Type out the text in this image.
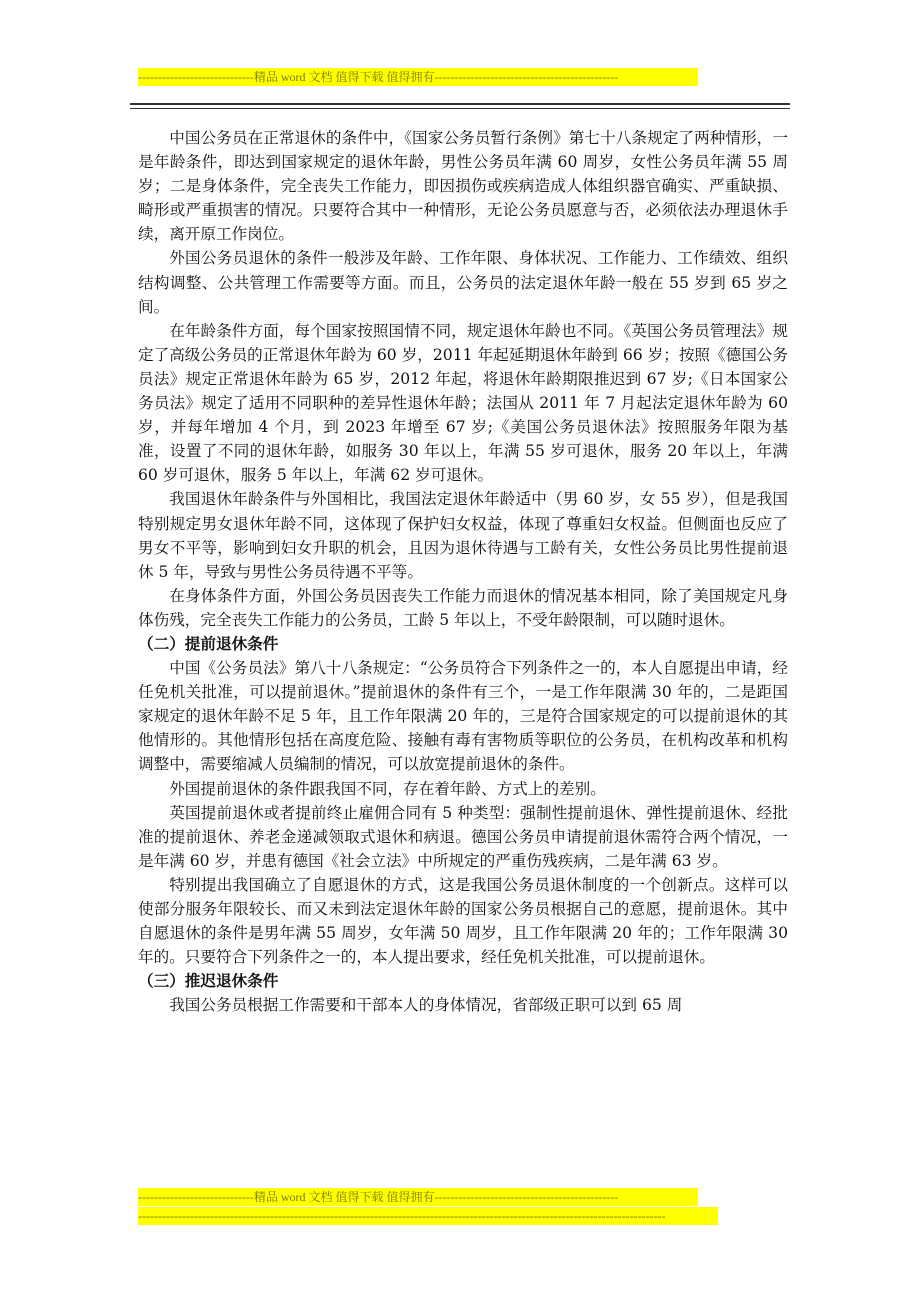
-----------------------------精品 word 文档 值得下载 值得拥有----------------------------------------------

中国公务员在正常退休的条件中，《国家公务员暂行条例》第七十八条规定了两种情形，一是年龄条件，即达到国家规定的退休年龄，男性公务员年满 60 周岁，女性公务员年满 55 周岁；二是身体条件，完全丧失工作能力，即因损伤或疾病造成人体组织器官确实、严重缺损、畸形或严重损害的情况。只要符合其中一种情形，无论公务员愿意与否，必须依法办理退休手续，离开原工作岗位。

外国公务员退休的条件一般涉及年龄、工作年限、身体状况、工作能力、工作绩效、组织结构调整、公共管理工作需要等方面。而且，公务员的法定退休年龄一般在 55 岁到 65 岁之间。

在年龄条件方面，每个国家按照国情不同，规定退休年龄也不同。《英国公务员管理法》规定了高级公务员的正常退休年龄为 60 岁，2011 年起延期退休年龄到 66 岁；按照《德国公务员法》规定正常退休年龄为 65 岁，2012 年起，将退休年龄期限推迟到 67 岁;《日本国家公务员法》规定了适用不同职种的差异性退休年龄；法国从 2011 年 7 月起法定退休年龄为 60 岁，并每年增加 4 个月，到 2023 年增至 67 岁;《美国公务员退休法》按照服务年限为基准，设置了不同的退休年龄，如服务 30 年以上，年满 55 岁可退休，服务 20 年以上，年满 60 岁可退休，服务 5 年以上，年满 62 岁可退休。

我国退休年龄条件与外国相比，我国法定退休年龄适中（男 60 岁，女 55 岁），但是我国特别规定男女退休年龄不同，这体现了保护妇女权益，体现了尊重妇女权益。但侧面也反应了男女不平等，影响到妇女升职的机会，且因为退休待遇与工龄有关，女性公务员比男性提前退休 5 年，导致与男性公务员待遇不平等。

在身体条件方面，外国公务员因丧失工作能力而退休的情况基本相同，除了美国规定凡身体伤残，完全丧失工作能力的公务员，工龄 5 年以上，不受年龄限制，可以随时退休。

（二）提前退休条件

中国《公务员法》第八十八条规定：“公务员符合下列条件之一的，本人自愿提出申请，经任免机关批准，可以提前退休。”提前退休的条件有三个，一是工作年限满 30 年的，二是距国家规定的退休年龄不足 5 年，且工作年限满 20 年的，三是符合国家规定的可以提前退休的其他情形的。其他情形包括在高度危险、接触有毒有害物质等职位的公务员，在机构改革和机构调整中，需要缩减人员编制的情况，可以放宽提前退休的条件。

外国提前退休的条件跟我国不同，存在着年龄、方式上的差别。

英国提前退休或者提前终止雇佣合同有 5 种类型：强制性提前退休、弹性提前退休、经批准的提前退休、养老金递减领取式退休和病退。德国公务员申请提前退休需符合两个情况，一是年满 60 岁，并患有德国《社会立法》中所规定的严重伤残疾病，二是年满 63 岁。

特别提出我国确立了自愿退休的方式，这是我国公务员退休制度的一个创新点。这样可以使部分服务年限较长、而又未到法定退休年龄的国家公务员根据自己的意愿，提前退休。其中自愿退休的条件是男年满 55 周岁，女年满 50 周岁，且工作年限满 20 年的；工作年限满 30 年的。只要符合下列条件之一的，本人提出要求，经任免机关批准，可以提前退休。

（三）推迟退休条件

我国公务员根据工作需要和干部本人的身体情况，省部级正职可以到 65 周

-----------------------------精品 word 文档 值得下载 值得拥有----------------------------------------------
------------------------------------------------------------------------------------------------------------------------------------
